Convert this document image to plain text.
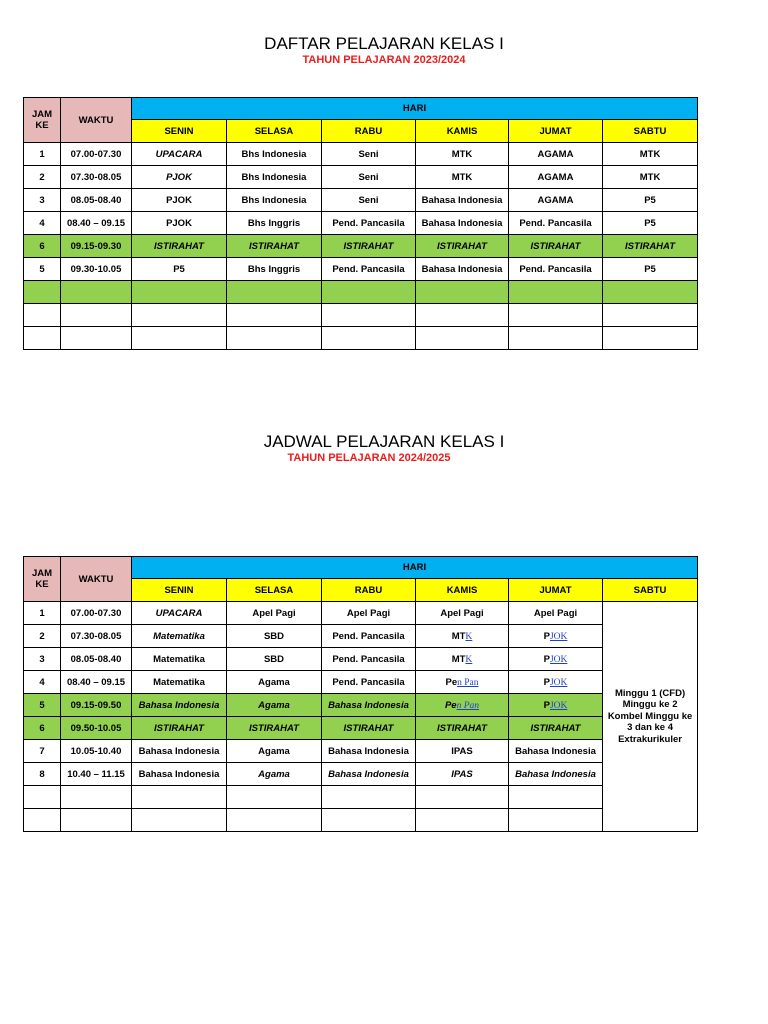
DAFTAR PELAJARAN KELAS I
TAHUN PELAJARAN 2023/2024
JAM KE	WAKTU	HARI					
		SENIN	SELASA	RABU	KAMIS	JUMAT	SABTU
1	07.00-07.30	UPACARA	Bhs Indonesia	Seni	MTK	AGAMA	MTK
2	07.30-08.05	PJOK	Bhs Indonesia	Seni	MTK	AGAMA	MTK
3	08.05-08.40	PJOK	Bhs Indonesia	Seni	Bahasa Indonesia	AGAMA	P5
4	08.40 – 09.15	PJOK	Bhs Inggris	Pend. Pancasila	Bahasa Indonesia	Pend. Pancasila	P5
6	09.15-09.30	ISTIRAHAT	ISTIRAHAT	ISTIRAHAT	ISTIRAHAT	ISTIRAHAT	ISTIRAHAT
5	09.30-10.05	P5	Bhs Inggris	Pend. Pancasila	Bahasa Indonesia	Pend. Pancasila	P5

JADWAL PELAJARAN KELAS I
TAHUN PELAJARAN 2024/2025
JAM KE	WAKTU	HARI					
		SENIN	SELASA	RABU	KAMIS	JUMAT	SABTU
1	07.00-07.30	UPACARA	Apel Pagi	Apel Pagi	Apel Pagi	Apel Pagi	Minggu 1 (CFD) Minggu ke 2 Kombel Minggu ke 3 dan ke 4 Extrakurikuler
2	07.30-08.05	Matematika	SBD	Pend. Pancasila	MTK	PJOK	
3	08.05-08.40	Matematika	SBD	Pend. Pancasila	MTK	PJOK	
4	08.40 – 09.15	Matematika	Agama	Pend. Pancasila	Pen Pan	PJOK	
5	09.15-09.50	Bahasa Indonesia	Agama	Bahasa Indonesia	Pen Pan	PJOK	
6	09.50-10.05	ISTIRAHAT	ISTIRAHAT	ISTIRAHAT	ISTIRAHAT	ISTIRAHAT	
7	10.05-10.40	Bahasa Indonesia	Agama	Bahasa Indonesia	IPAS	Bahasa Indonesia	
8	10.40 – 11.15	Bahasa Indonesia	Agama	Bahasa Indonesia	IPAS	Bahasa Indonesia	
